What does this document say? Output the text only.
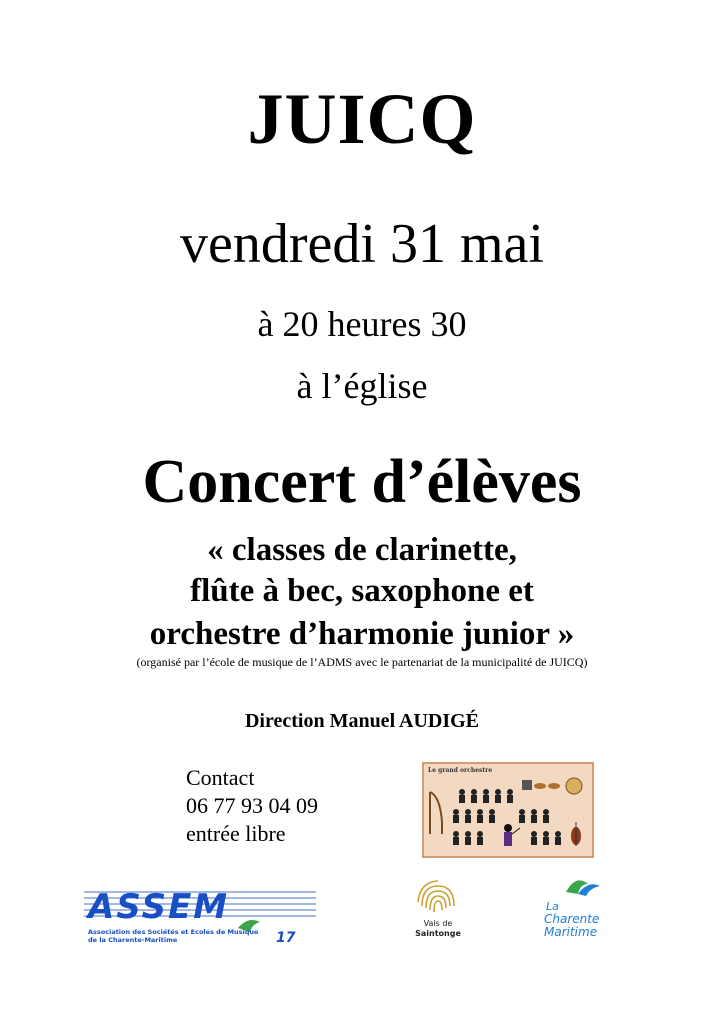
JUICQ
vendredi 31 mai
à 20 heures 30
à l’église
Concert d’élèves
« classes de clarinette,
flûte à bec, saxophone et
orchestre d’harmonie junior »
(organisé par l’école de musique de l’ADMS avec le partenariat de la municipalité de JUICQ)
Direction Manuel AUDIGÉ
Contact
06 77 93 04 09
entrée libre
Le grand orchestre
ASSEM
17
Association des Sociétés et Ecoles de Musique
de la Charente-Maritime
Vals de
Saintonge
La
Charente
Maritime
